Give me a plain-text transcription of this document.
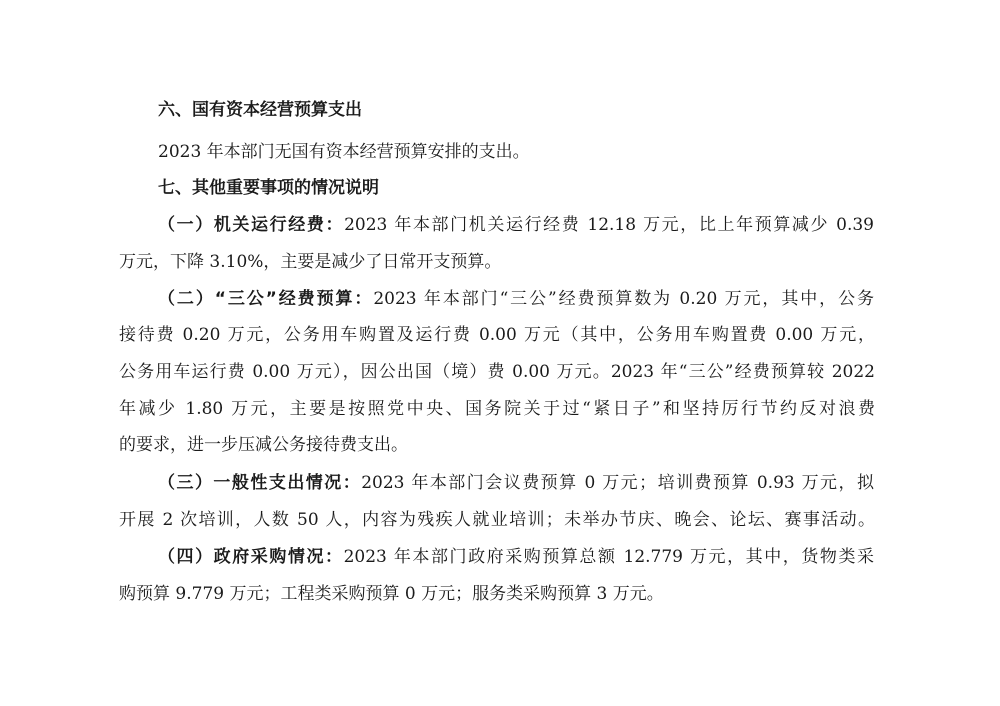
六、国有资本经营预算支出
2023 年本部门无国有资本经营预算安排的支出。
七、其他重要事项的情况说明
（一）机关运行经费：2023 年本部门机关运行经费 12.18 万元，比上年预算减少 0.39
万元，下降 3.10%，主要是减少了日常开支预算。
（二）“三公”经费预算：2023 年本部门“三公”经费预算数为 0.20 万元，其中，公务
接待费 0.20 万元，公务用车购置及运行费 0.00 万元（其中，公务用车购置费 0.00 万元，
公务用车运行费 0.00 万元），因公出国（境）费 0.00 万元。2023 年“三公”经费预算较 2022
年减少 1.80 万元，主要是按照党中央、国务院关于过“紧日子”和坚持厉行节约反对浪费
的要求，进一步压减公务接待费支出。
（三）一般性支出情况：2023 年本部门会议费预算 0 万元；培训费预算 0.93 万元，拟
开展 2 次培训，人数 50 人，内容为残疾人就业培训；未举办节庆、晚会、论坛、赛事活动。
（四）政府采购情况：2023 年本部门政府采购预算总额 12.779 万元，其中，货物类采
购预算 9.779 万元；工程类采购预算 0 万元；服务类采购预算 3 万元。
